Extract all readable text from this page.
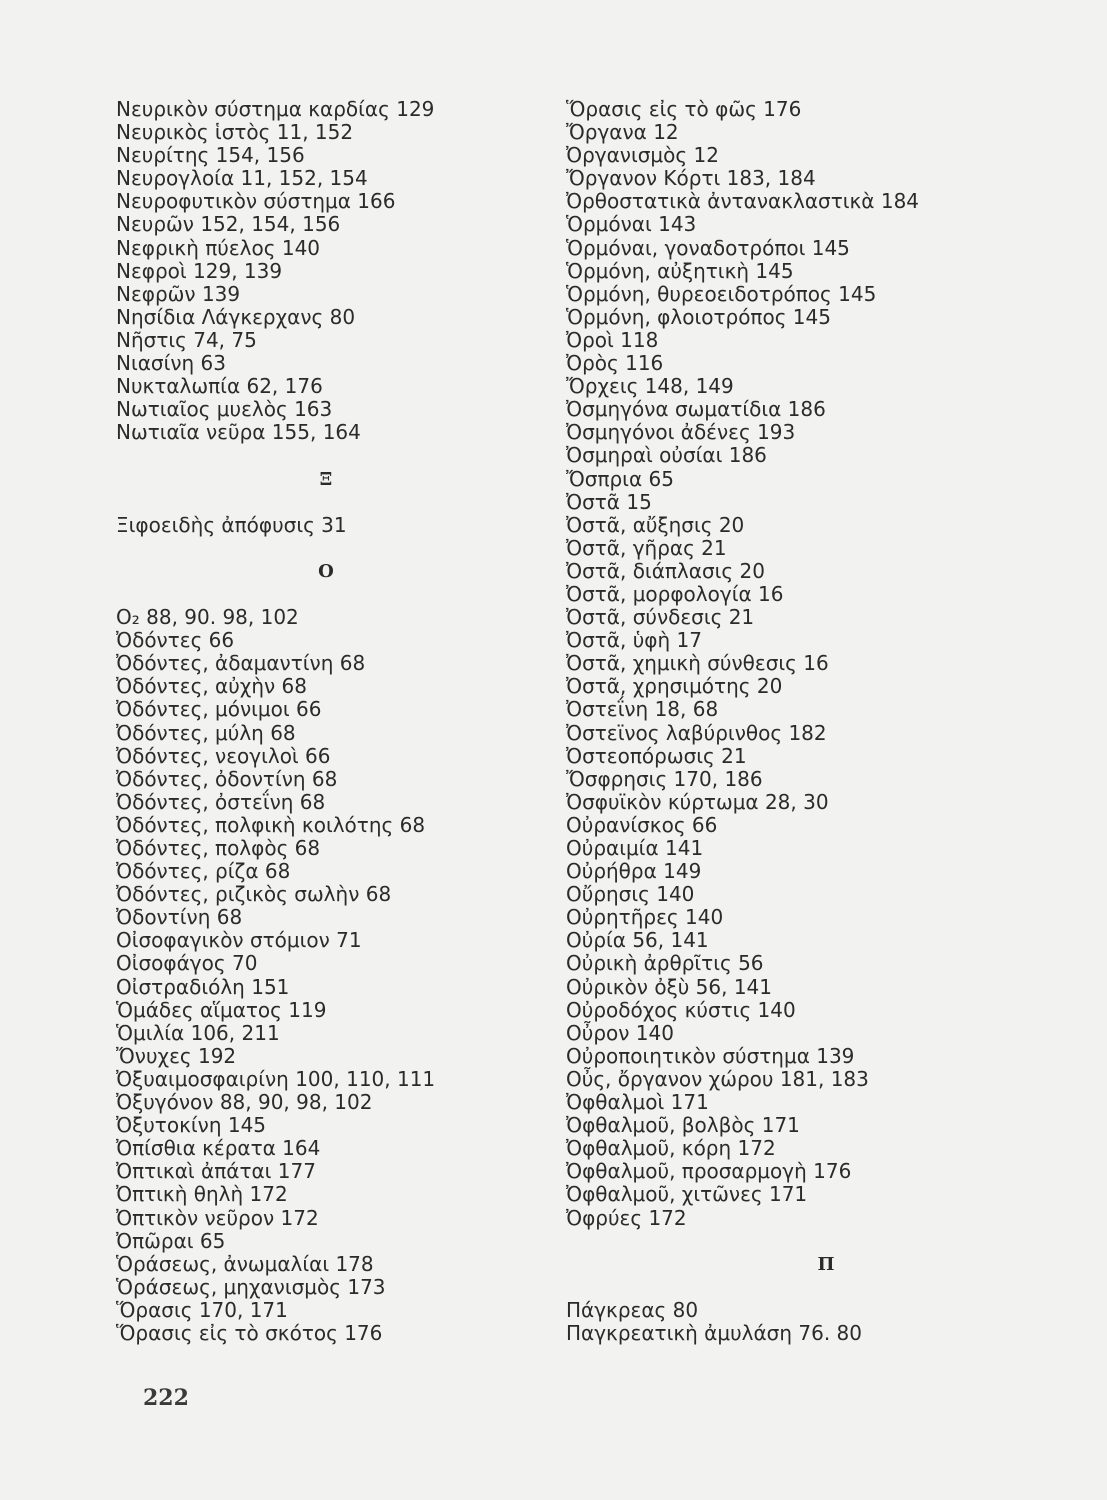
Νευρικὸν σύστημα καρδίας 129
Νευρικὸς ἱστὸς 11, 152
Νευρίτης 154, 156
Νευρογλοία 11, 152, 154
Νευροφυτικὸν σύστημα 166
Νευρῶν 152, 154, 156
Νεφρικὴ πύελος 140
Νεφροὶ 129, 139
Νεφρῶν 139
Νησίδια Λάγκερχανς 80
Νῆστις 74, 75
Νιασίνη 63
Νυκταλωπία 62, 176
Νωτιαῖος μυελὸς 163
Νωτιαῖα νεῦρα 155, 164
Ξ
Ξιφοειδὴς ἀπόφυσις 31
Ο
O₂ 88, 90. 98, 102
Ὀδόντες 66
Ὀδόντες, ἀδαμαντίνη 68
Ὀδόντες, αὐχὴν 68
Ὀδόντες, μόνιμοι 66
Ὀδόντες, μύλη 68
Ὀδόντες, νεογιλοὶ 66
Ὀδόντες, ὀδοντίνη 68
Ὀδόντες, ὀστεΐνη 68
Ὀδόντες, πολφικὴ κοιλότης 68
Ὀδόντες, πολφὸς 68
Ὀδόντες, ρίζα 68
Ὀδόντες, ριζικὸς σωλὴν 68
Ὀδοντίνη 68
Οἰσοφαγικὸν στόμιον 71
Οἰσοφάγος 70
Οἰστραδιόλη 151
Ὁμάδες αἵματος 119
Ὁμιλία 106, 211
Ὄνυχες 192
Ὀξυαιμοσφαιρίνη 100, 110, 111
Ὀξυγόνον 88, 90, 98, 102
Ὀξυτοκίνη 145
Ὀπίσθια κέρατα 164
Ὀπτικαὶ ἀπάται 177
Ὀπτικὴ θηλὴ 172
Ὀπτικὸν νεῦρον 172
Ὀπῶραι 65
Ὁράσεως, ἀνωμαλίαι 178
Ὁράσεως, μηχανισμὸς 173
Ὅρασις 170, 171
Ὅρασις εἰς τὸ σκότος 176
Ὅρασις εἰς τὸ φῶς 176
Ὄργανα 12
Ὀργανισμὸς 12
Ὄργανον Κόρτι 183, 184
Ὀρθοστατικὰ ἀντανακλαστικὰ 184
Ὁρμόναι 143
Ὁρμόναι, γοναδοτρόποι 145
Ὁρμόνη, αὐξητικὴ 145
Ὁρμόνη, θυρεοειδοτρόπος 145
Ὁρμόνη, φλοιοτρόπος 145
Ὀροὶ 118
Ὀρὸς 116
Ὄρχεις 148, 149
Ὀσμηγόνα σωματίδια 186
Ὀσμηγόνοι ἀδένες 193
Ὀσμηραὶ οὐσίαι 186
Ὄσπρια 65
Ὀστᾶ 15
Ὀστᾶ, αὔξησις 20
Ὀστᾶ, γῆρας 21
Ὀστᾶ, διάπλασις 20
Ὀστᾶ, μορφολογία 16
Ὀστᾶ, σύνδεσις 21
Ὀστᾶ, ὑφὴ 17
Ὀστᾶ, χημικὴ σύνθεσις 16
Ὀστᾶ, χρησιμότης 20
Ὀστεΐνη 18, 68
Ὀστεϊνος λαβύρινθος 182
Ὀστεοπόρωσις 21
Ὄσφρησις 170, 186
Ὀσφυϊκὸν κύρτωμα 28, 30
Οὐρανίσκος 66
Οὐραιμία 141
Οὐρήθρα 149
Οὔρησις 140
Οὐρητῆρες 140
Οὐρία 56, 141
Οὐρικὴ ἀρθρῖτις 56
Οὐρικὸν ὀξὺ 56, 141
Οὐροδόχος κύστις 140
Οὖρον 140
Οὐροποιητικὸν σύστημα 139
Οὖς, ὄργανον χώρου 181, 183
Ὀφθαλμοὶ 171
Ὀφθαλμοῦ, βολβὸς 171
Ὀφθαλμοῦ, κόρη 172
Ὀφθαλμοῦ, προσαρμογὴ 176
Ὀφθαλμοῦ, χιτῶνες 171
Ὀφρύες 172
Π
Πάγκρεας 80
Παγκρεατικὴ ἀμυλάση 76. 80
222
